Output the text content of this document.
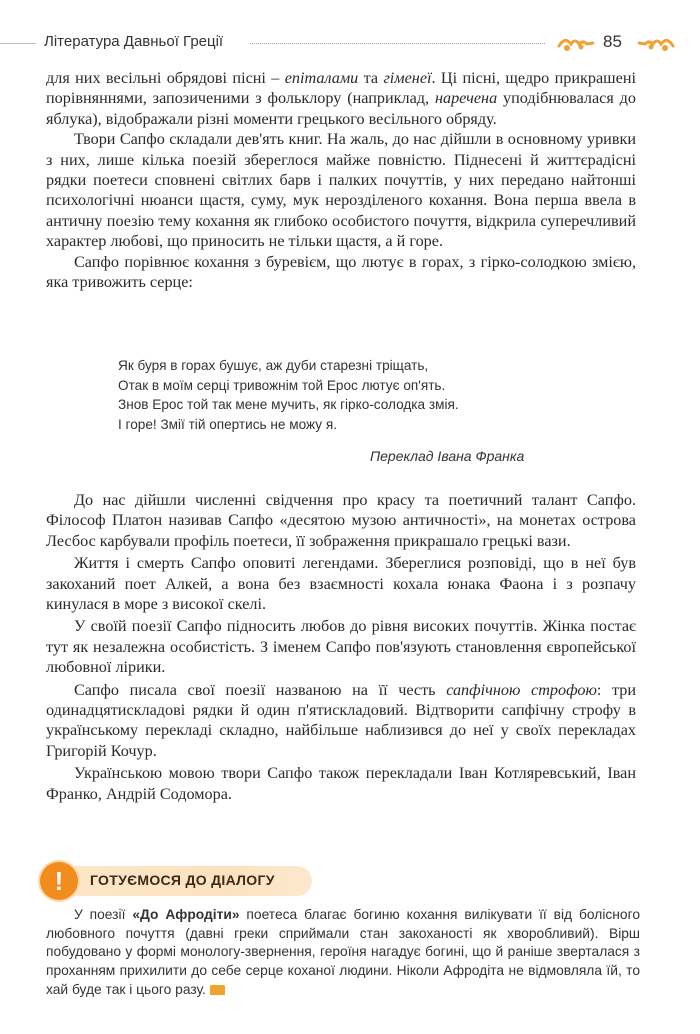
Література Давньої Греції	85

для них весільні обрядові пісні – епіталами та гіменеї. Ці пісні, щедро прикрашені порівняннями, запозиченими з фольклору (наприклад, наречена уподібнювалася до яблука), відображали різні моменти грецького весільного обряду.

Твори Сапфо складали дев'ять книг. На жаль, до нас дійшли в основному уривки з них, лише кілька поезій збереглося майже повністю. Піднесені й життєрадісні рядки поетеси сповнені світлих барв і палких почуттів, у них передано найтонші психологічні нюанси щастя, суму, мук нерозділеного кохання. Вона перша ввела в античну поезію тему кохання як глибоко особистого почуття, відкрила суперечливий характер любові, що приносить не тільки щастя, а й горе.

Сапфо порівнює кохання з буревієм, що лютує в горах, з гірко-солодкою змією, яка тривожить серце:

Як буря в горах бушує, аж дуби старезні тріщать,
Отак в моїм серці тривожнім той Ерос лютує оп'ять.
Знов Ерос той так мене мучить, як гірко-солодка змія.
І горе! Змії тій опертись не можу я.
Переклад Івана Франка

До нас дійшли численні свідчення про красу та поетичний талант Сапфо. Філософ Платон називав Сапфо «десятою музою античності», на монетах острова Лесбос карбували профіль поетеси, її зображення прикрашало грецькі вази.

Життя і смерть Сапфо оповиті легендами. Збереглися розповіді, що в неї був закоханий поет Алкей, а вона без взаємності кохала юнака Фаона і з розпачу кинулася в море з високої скелі.

У своїй поезії Сапфо підносить любов до рівня високих почуттів. Жінка постає тут як незалежна особистість. З іменем Сапфо пов'язують становлення європейської любовної лірики.

Сапфо писала свої поезії названою на її честь сапфічною строфою: три одинадцятискладові рядки й один п'ятискладовий. Відтворити сапфічну строфу в українському перекладі складно, найбільше наблизився до неї у своїх перекладах Григорій Кочур.

Українською мовою твори Сапфо також перекладали Іван Котляревський, Іван Франко, Андрій Содомора.

!	ГОТУЄМОСЯ ДО ДІАЛОГУ

У поезії «До Афродіти» поетеса благає богиню кохання вилікувати її від болісного любовного почуття (давні греки сприймали стан закоханості як хворобливий). Вірш побудовано у формі монологу-звернення, героїня нагадує богині, що й раніше зверталася з проханням прихилити до себе серце коханої людини. Ніколи Афродіта не відмовляла їй, то хай буде так і цього разу.
